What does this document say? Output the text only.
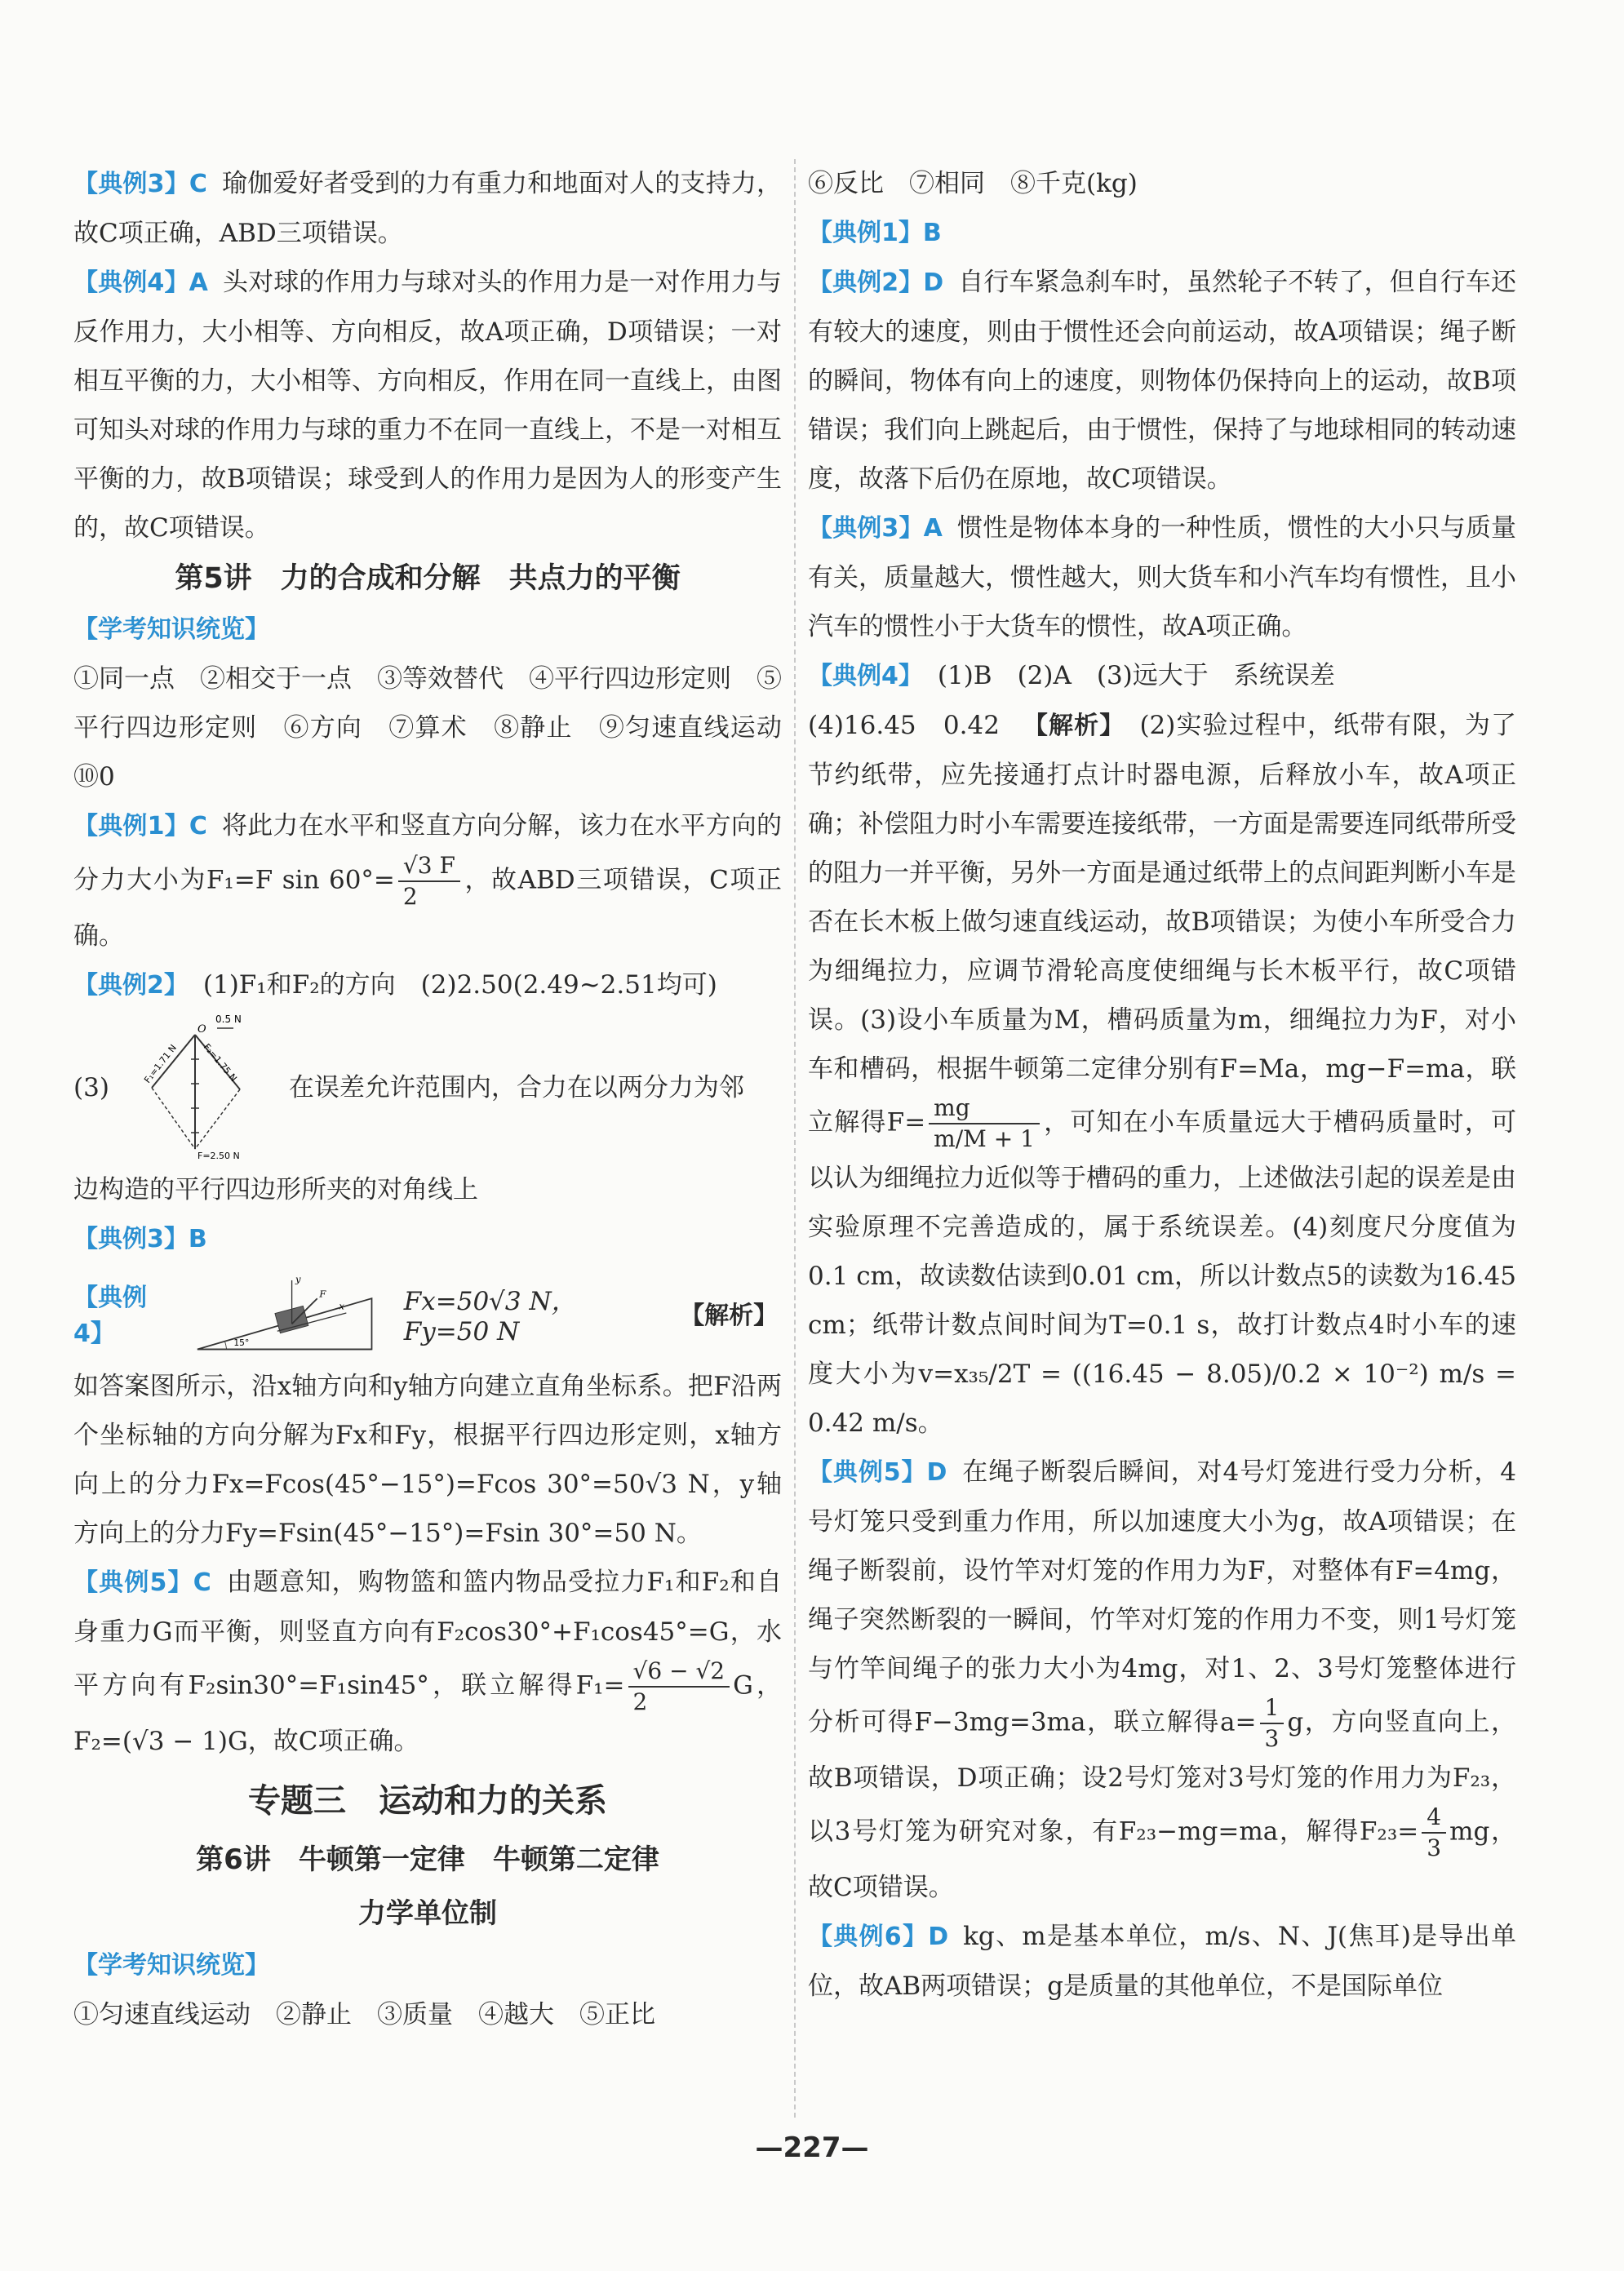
【典例3】C 瑜伽爱好者受到的力有重力和地面对人的支持力，故C项正确，ABD三项错误。

【典例4】A 头对球的作用力与球对头的作用力是一对作用力与反作用力，大小相等、方向相反，故A项正确，D项错误；一对相互平衡的力，大小相等、方向相反，作用在同一直线上，由图可知头对球的作用力与球的重力不在同一直线上，不是一对相互平衡的力，故B项错误；球受到人的作用力是因为人的形变产生的，故C项错误。

第5讲　力的合成和分解　共点力的平衡

【学考知识统览】
①同一点　②相交于一点　③等效替代　④平行四边形定则　⑤平行四边形定则　⑥方向　⑦算术　⑧静止　⑨匀速直线运动　⑩0

【典例1】C 将此力在水平和竖直方向分解，该力在水平方向的分力大小为F₁=F $\sin 60^\circ= \frac{√3 F}{2}$ ，故ABD三项错误，C项正确。

【典例2】 (1)F₁和F₂的方向　(2)2.50(2.49~2.51均可)

(3)
0.5 N
O
F₁=1.71 N	F₂=1.75 N
F=2.50 N
在误差允许范围内，合力在以两分力为邻

边构造的平行四边形所夹的对角线上

【典例3】B

【典例4】
x
y
F
15°
Fx=50√3 N，Fy=50 N
【解析】

如答案图所示，沿x轴方向和y轴方向建立直角坐标系。把F沿两个坐标轴的方向分解为Fx和Fy，根据平行四边形定则，x轴方向上的分力Fx=Fcos(45°−15°)=Fcos 30°=50√3 N，y轴方向上的分力Fy=Fsin(45°−15°)=Fsin 30°=50 N。

【典例5】C 由题意知，购物篮和篮内物品受拉力F₁和F₂和自身重力G而平衡，则竖直方向有F₂cos30°+F₁cos45°=G，水平方向有F₂sin30°=F₁sin45°，联立解得$F_1= \frac{√6 - √2}{2}$ G，F₂=(√3 − 1)G，故C项正确。

专题三　运动和力的关系
第6讲　牛顿第一定律　牛顿第二定律
力学单位制

【学考知识统览】
①匀速直线运动　②静止　③质量　④越大　⑤正比

⑥反比　⑦相同　⑧千克(kg)

【典例1】B

【典例2】D 自行车紧急刹车时，虽然轮子不转了，但自行车还有较大的速度，则由于惯性还会向前运动，故A项错误；绳子断的瞬间，物体有向上的速度，则物体仍保持向上的运动，故B项错误；我们向上跳起后，由于惯性，保持了与地球相同的转动速度，故落下后仍在原地，故C项错误。

【典例3】A 惯性是物体本身的一种性质，惯性的大小只与质量有关，质量越大，惯性越大，则大货车和小汽车均有惯性，且小汽车的惯性小于大货车的惯性，故A项正确。

【典例4】 (1)B　(2)A　(3)远大于　系统误差
(4)16.45　0.42 【解析】 (2)实验过程中，纸带有限，为了节约纸带，应先接通打点计时器电源，后释放小车，故A项正确；补偿阻力时小车需要连接纸带，一方面是需要连同纸带所受的阻力一并平衡，另外一方面是通过纸带上的点间距判断小车是否在长木板上做匀速直线运动，故B项错误；为使小车所受合力为细绳拉力，应调节滑轮高度使细绳与长木板平行，故C项错误。(3)设小车质量为M，槽码质量为m，细绳拉力为F，对小车和槽码，根据牛顿第二定律分别有F=Ma，mg−F=ma，联立解得$F= \frac{mg}{m/M + 1}$ ，可知在小车质量远大于槽码质量时，可以认为细绳拉力近似等于槽码的重力，上述做法引起的误差是由实验原理不完善造成的，属于系统误差。(4)刻度尺分度值为0.1 cm，故读数估读到0.01 cm，所以计数点5的读数为16.45 cm；纸带计数点间时间为T=0.1 s，故打计数点4时小车的速度大小为v=x₃₅/2T = ((16.45 − 8.05)/0.2 × 10⁻²) m/s = 0.42 m/s。

【典例5】D 在绳子断裂后瞬间，对4号灯笼进行受力分析，4号灯笼只受到重力作用，所以加速度大小为g，故A项错误；在绳子断裂前，设竹竿对灯笼的作用力为F，对整体有F=4mg，绳子突然断裂的一瞬间，竹竿对灯笼的作用力不变，则1号灯笼与竹竿间绳子的张力大小为4mg，对1、2、3号灯笼整体进行分析可得F−3mg=3ma，联立解得$a= \frac{1}{3}$ g，方向竖直向上，故B项错误，D项正确；设2号灯笼对3号灯笼的作用力为F₂₃，以3号灯笼为研究对象，有F₂₃−mg=ma，解得$F_{23}= \frac{4}{3}$ mg，故C项错误。

【典例6】D kg、m是基本单位，m/s、N、J(焦耳)是导出单位，故AB两项错误；g是质量的其他单位，不是国际单位

—227—
